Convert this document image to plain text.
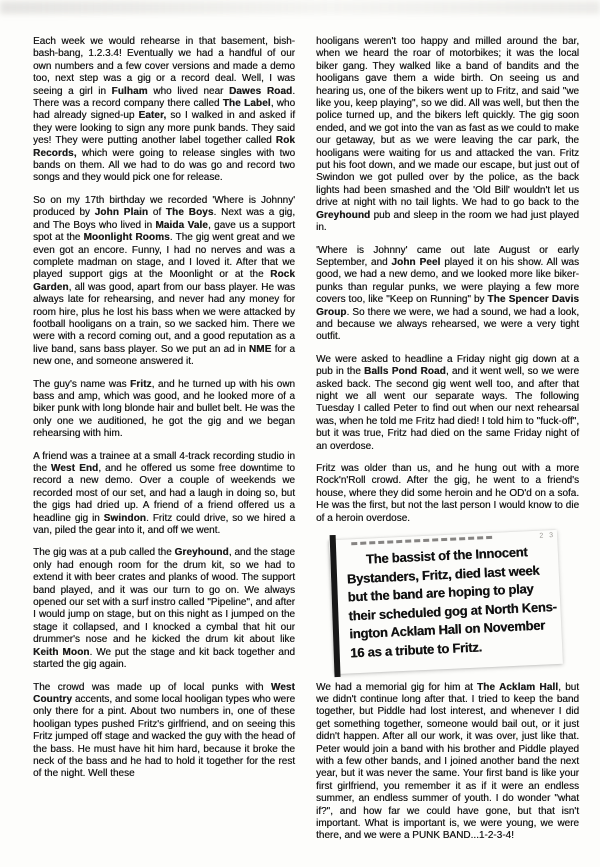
Each week we would rehearse in that basement, bish-bash-bang, 1.2.3.4! Eventually we had a handful of our own numbers and a few cover versions and made a demo too, next step was a gig or a record deal. Well, I was seeing a girl in Fulham who lived near Dawes Road. There was a record company there called The Label, who had already signed-up Eater, so I walked in and asked if they were looking to sign any more punk bands. They said yes! They were putting another label together called Rok Records, which were going to release singles with two bands on them. All we had to do was go and record two songs and they would pick one for release.

So on my 17th birthday we recorded 'Where is Johnny' produced by John Plain of The Boys. Next was a gig, and The Boys who lived in Maida Vale, gave us a support spot at the Moonlight Rooms. The gig went great and we even got an encore. Funny, I had no nerves and was a complete madman on stage, and I loved it. After that we played support gigs at the Moonlight or at the Rock Garden, all was good, apart from our bass player. He was always late for rehearsing, and never had any money for room hire, plus he lost his bass when we were attacked by football hooligans on a train, so we sacked him. There we were with a record coming out, and a good reputation as a live band, sans bass player. So we put an ad in NME for a new one, and someone answered it.

The guy's name was Fritz, and he turned up with his own bass and amp, which was good, and he looked more of a biker punk with long blonde hair and bullet belt. He was the only one we auditioned, he got the gig and we began rehearsing with him.

A friend was a trainee at a small 4-track recording studio in the West End, and he offered us some free downtime to record a new demo. Over a couple of weekends we recorded most of our set, and had a laugh in doing so, but the gigs had dried up. A friend of a friend offered us a headline gig in Swindon. Fritz could drive, so we hired a van, piled the gear into it, and off we went.

The gig was at a pub called the Greyhound, and the stage only had enough room for the drum kit, so we had to extend it with beer crates and planks of wood. The support band played, and it was our turn to go on. We always opened our set with a surf instro called "Pipeline", and after I would jump on stage, but on this night as I jumped on the stage it collapsed, and I knocked a cymbal that hit our drummer's nose and he kicked the drum kit about like Keith Moon. We put the stage and kit back together and started the gig again.

The crowd was made up of local punks with West Country accents, and some local hooligan types who were only there for a pint. About two numbers in, one of these hooligan types pushed Fritz's girlfriend, and on seeing this Fritz jumped off stage and wacked the guy with the head of the bass. He must have hit him hard, because it broke the neck of the bass and he had to hold it together for the rest of the night. Well these

hooligans weren't too happy and milled around the bar, when we heard the roar of motorbikes; it was the local biker gang. They walked like a band of bandits and the hooligans gave them a wide birth. On seeing us and hearing us, one of the bikers went up to Fritz, and said "we like you, keep playing", so we did. All was well, but then the police turned up, and the bikers left quickly. The gig soon ended, and we got into the van as fast as we could to make our getaway, but as we were leaving the car park, the hooligans were waiting for us and attacked the van. Fritz put his foot down, and we made our escape, but just out of Swindon we got pulled over by the police, as the back lights had been smashed and the 'Old Bill' wouldn't let us drive at night with no tail lights. We had to go back to the Greyhound pub and sleep in the room we had just played in.

'Where is Johnny' came out late August or early September, and John Peel played it on his show. All was good, we had a new demo, and we looked more like biker-punks than regular punks, we were playing a few more covers too, like "Keep on Running" by The Spencer Davis Group. So there we were, we had a sound, we had a look, and because we always rehearsed, we were a very tight outfit.

We were asked to headline a Friday night gig down at a pub in the Balls Pond Road, and it went well, so we were asked back. The second gig went well too, and after that night we all went our separate ways. The following Tuesday I called Peter to find out when our next rehearsal was, when he told me Fritz had died! I told him to "fuck-off", but it was true, Fritz had died on the same Friday night of an overdose.

Fritz was older than us, and he hung out with a more Rock'n'Roll crowd. After the gig, he went to a friend's house, where they did some heroin and he OD'd on a sofa. He was the first, but not the last person I would know to die of a heroin overdose.

2 3
The bassist of the Innocent
Bystanders, Fritz, died last week
but the band are hoping to play
their scheduled gog at North Kens-
ington Acklam Hall on November
16 as a tribute to Fritz.

We had a memorial gig for him at The Acklam Hall, but we didn't continue long after that. I tried to keep the band together, but Piddle had lost interest, and whenever I did get something together, someone would bail out, or it just didn't happen. After all our work, it was over, just like that. Peter would join a band with his brother and Piddle played with a few other bands, and I joined another band the next year, but it was never the same. Your first band is like your first girlfriend, you remember it as if it were an endless summer, an endless summer of youth. I do wonder "what if?", and how far we could have gone, but that isn't important. What is important is, we were young, we were there, and we were a PUNK BAND...1-2-3-4!
